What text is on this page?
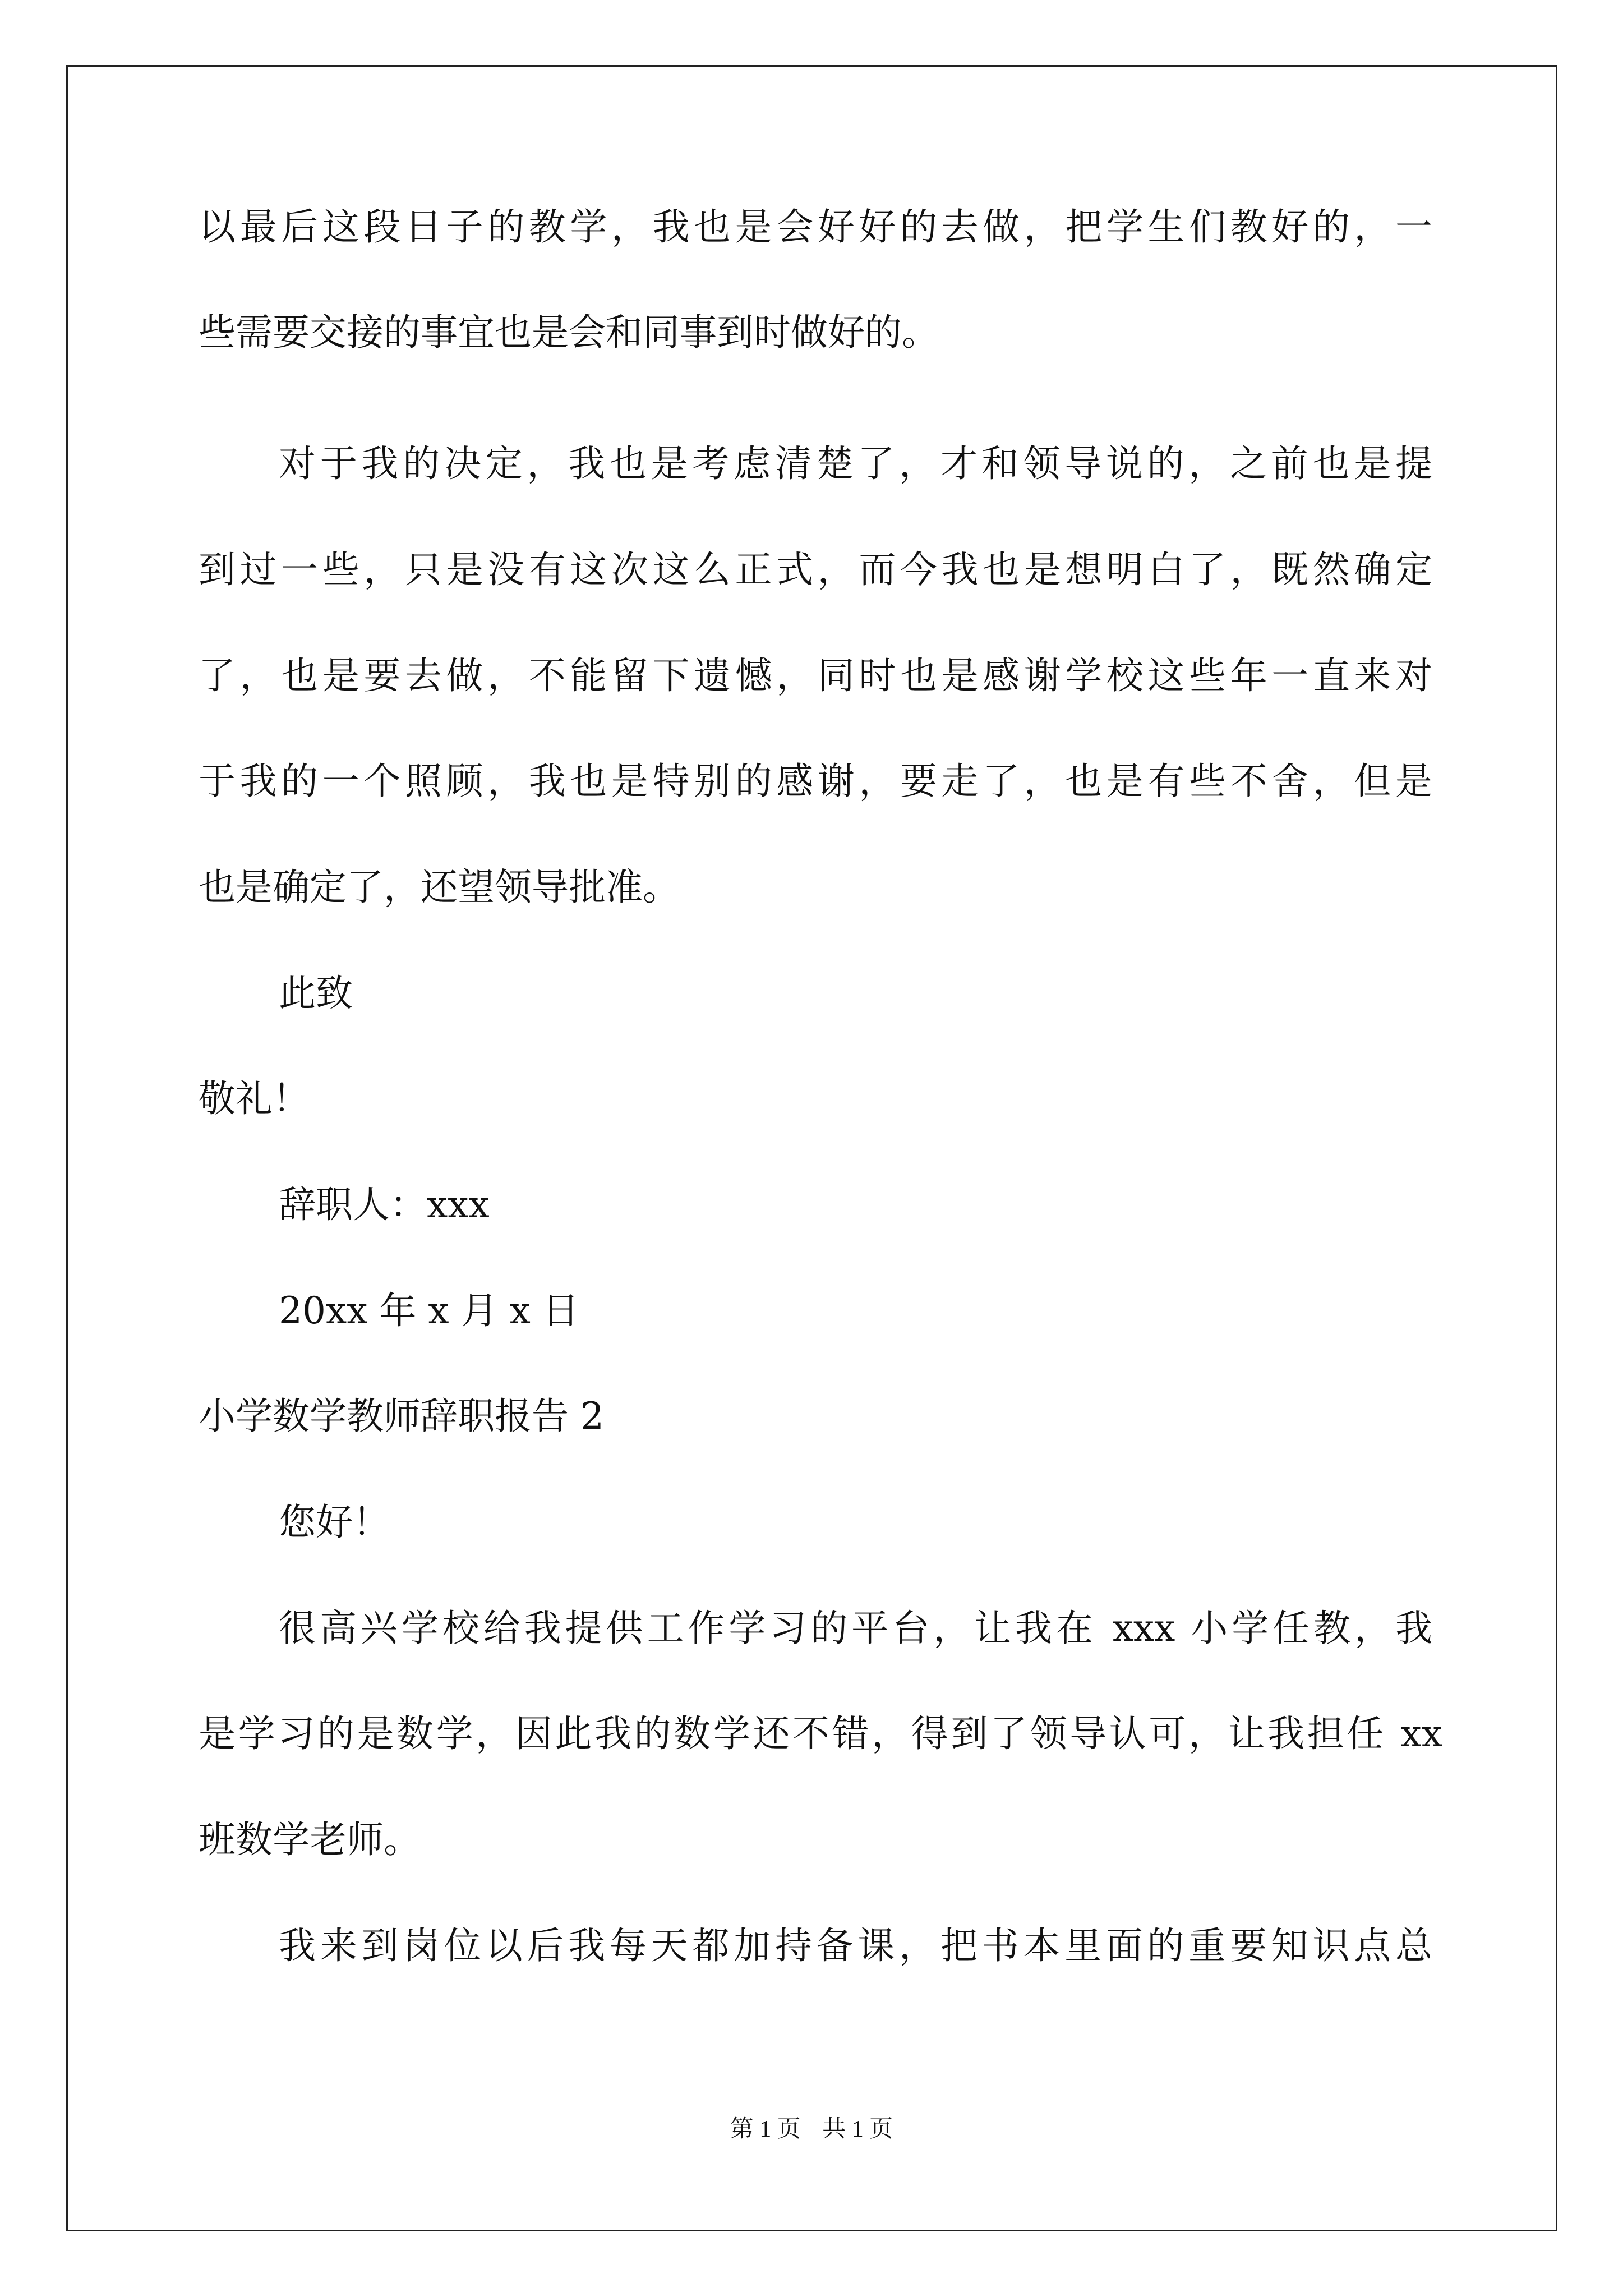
以最后这段日子的教学，我也是会好好的去做，把学生们教好的，一
些需要交接的事宜也是会和同事到时做好的。
对于我的决定，我也是考虑清楚了，才和领导说的，之前也是提
到过一些，只是没有这次这么正式，而今我也是想明白了，既然确定
了，也是要去做，不能留下遗憾，同时也是感谢学校这些年一直来对
于我的一个照顾，我也是特别的感谢，要走了，也是有些不舍，但是
也是确定了，还望领导批准。
此致
敬礼！
辞职人：xxx
20xx 年 x 月 x 日
小学数学教师辞职报告 2
您好！
很高兴学校给我提供工作学习的平台，让我在 xxx 小学任教，我
是学习的是数学，因此我的数学还不错，得到了领导认可，让我担任 xx
班数学老师。
我来到岗位以后我每天都加持备课，把书本里面的重要知识点总
第 1 页 共 1 页
